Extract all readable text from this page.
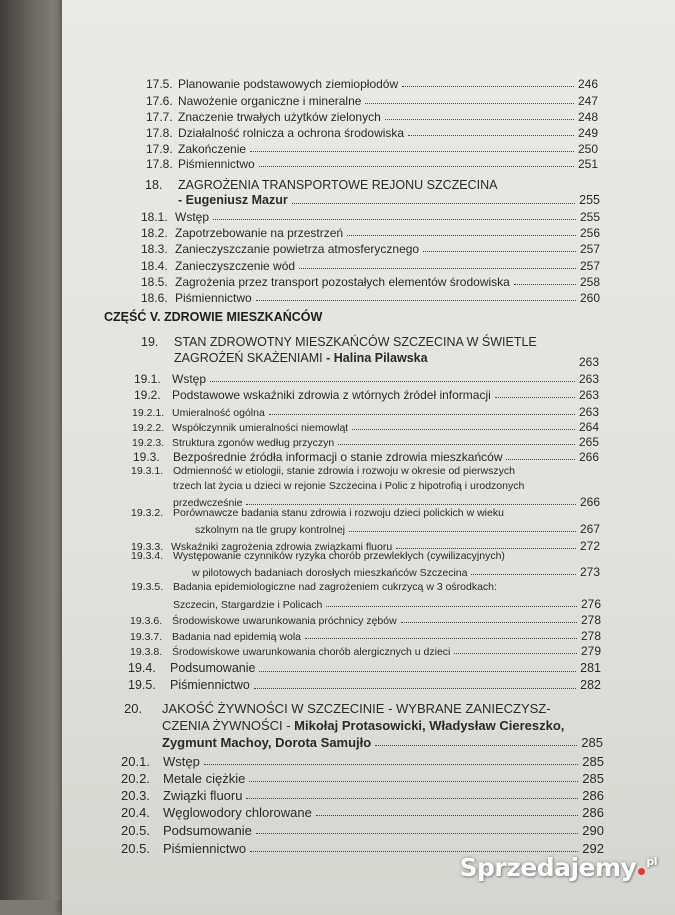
17.5. Planowanie podstawowych ziemiopłodów	246
17.6. Nawożenie organiczne i mineralne	247
17.7. Znaczenie trwałych użytków zielonych	248
17.8. Działalność rolnicza a ochrona środowiska	249
17.9. Zakończenie	250
17.8. Piśmiennictwo	251
18. ZAGROŻENIA TRANSPORTOWE REJONU SZCZECINA
- Eugeniusz Mazur	255
18.1. Wstęp	255
18.2. Zapotrzebowanie na przestrzeń	256
18.3. Zanieczyszczanie powietrza atmosferycznego	257
18.4. Zanieczyszczenie wód	257
18.5. Zagrożenia przez transport pozostałych elementów środowiska	258
18.6. Piśmiennictwo	260
CZĘŚĆ V. ZDROWIE MIESZKAŃCÓW
19. STAN ZDROWOTNY MIESZKAŃCÓW SZCZECINA W ŚWIETLE
ZAGROŻEŃ SKAŻENIAMI - Halina Pilawska	263
19.1. Wstęp	263
19.2. Podstawowe wskaźniki zdrowia z wtórnych źródeł informacji	263
19.2.1. Umieralność ogólna	263
19.2.2. Współczynnik umieralności niemowląt	264
19.2.3. Struktura zgonów według przyczyn	265
19.3.	Bezpośrednie źródła informacji o stanie zdrowia mieszkańców	266
19.3.1. Odmienność w etiologii, stanie zdrowia i rozwoju w okresie od pierwszych
trzech lat życia u dzieci w rejonie Szczecina i Polic z hipotrofią i urodzonych
przedwcześnie	266
19.3.2. Porównawcze badania stanu zdrowia i rozwoju dzieci polickich w wieku
szkolnym na tle grupy kontrolnej	267
19.3.3. Wskaźniki zagrożenia zdrowia związkami fluoru	272
19.3.4. Występowanie czynników ryzyka chorób przewlekłych (cywilizacyjnych)
w pilotowych badaniach dorosłych mieszkańców Szczecina	273
19.3.5. Badania epidemiologiczne nad zagrożeniem cukrzycą w 3 ośrodkach:
Szczecin, Stargardzie i Policach	276
19.3.6. Środowiskowe uwarunkowania próchnicy zębów	278
19.3.7. Badania nad epidemią wola	278
19.3.8. Środowiskowe uwarunkowania chorób alergicznych u dzieci	279
19.4.	Podsumowanie	281
19.5.	Piśmiennictwo	282
20. JAKOŚĆ ŻYWNOŚCI W SZCZECINIE - WYBRANE ZANIECZYSZ-
CZENIA ŻYWNOŚCI - Mikołaj Protasowicki, Władysław Ciereszko,
Zygmunt Machoy, Dorota Samujło	285
20.1.	Wstęp	285
20.2.	Metale ciężkie	285
20.3.	Związki fluoru	286
20.4.	Węglowodory chlorowane	286
20.5.	Podsumowanie	290
20.5.	Piśmiennictwo	292
Sprzedajemy pl
